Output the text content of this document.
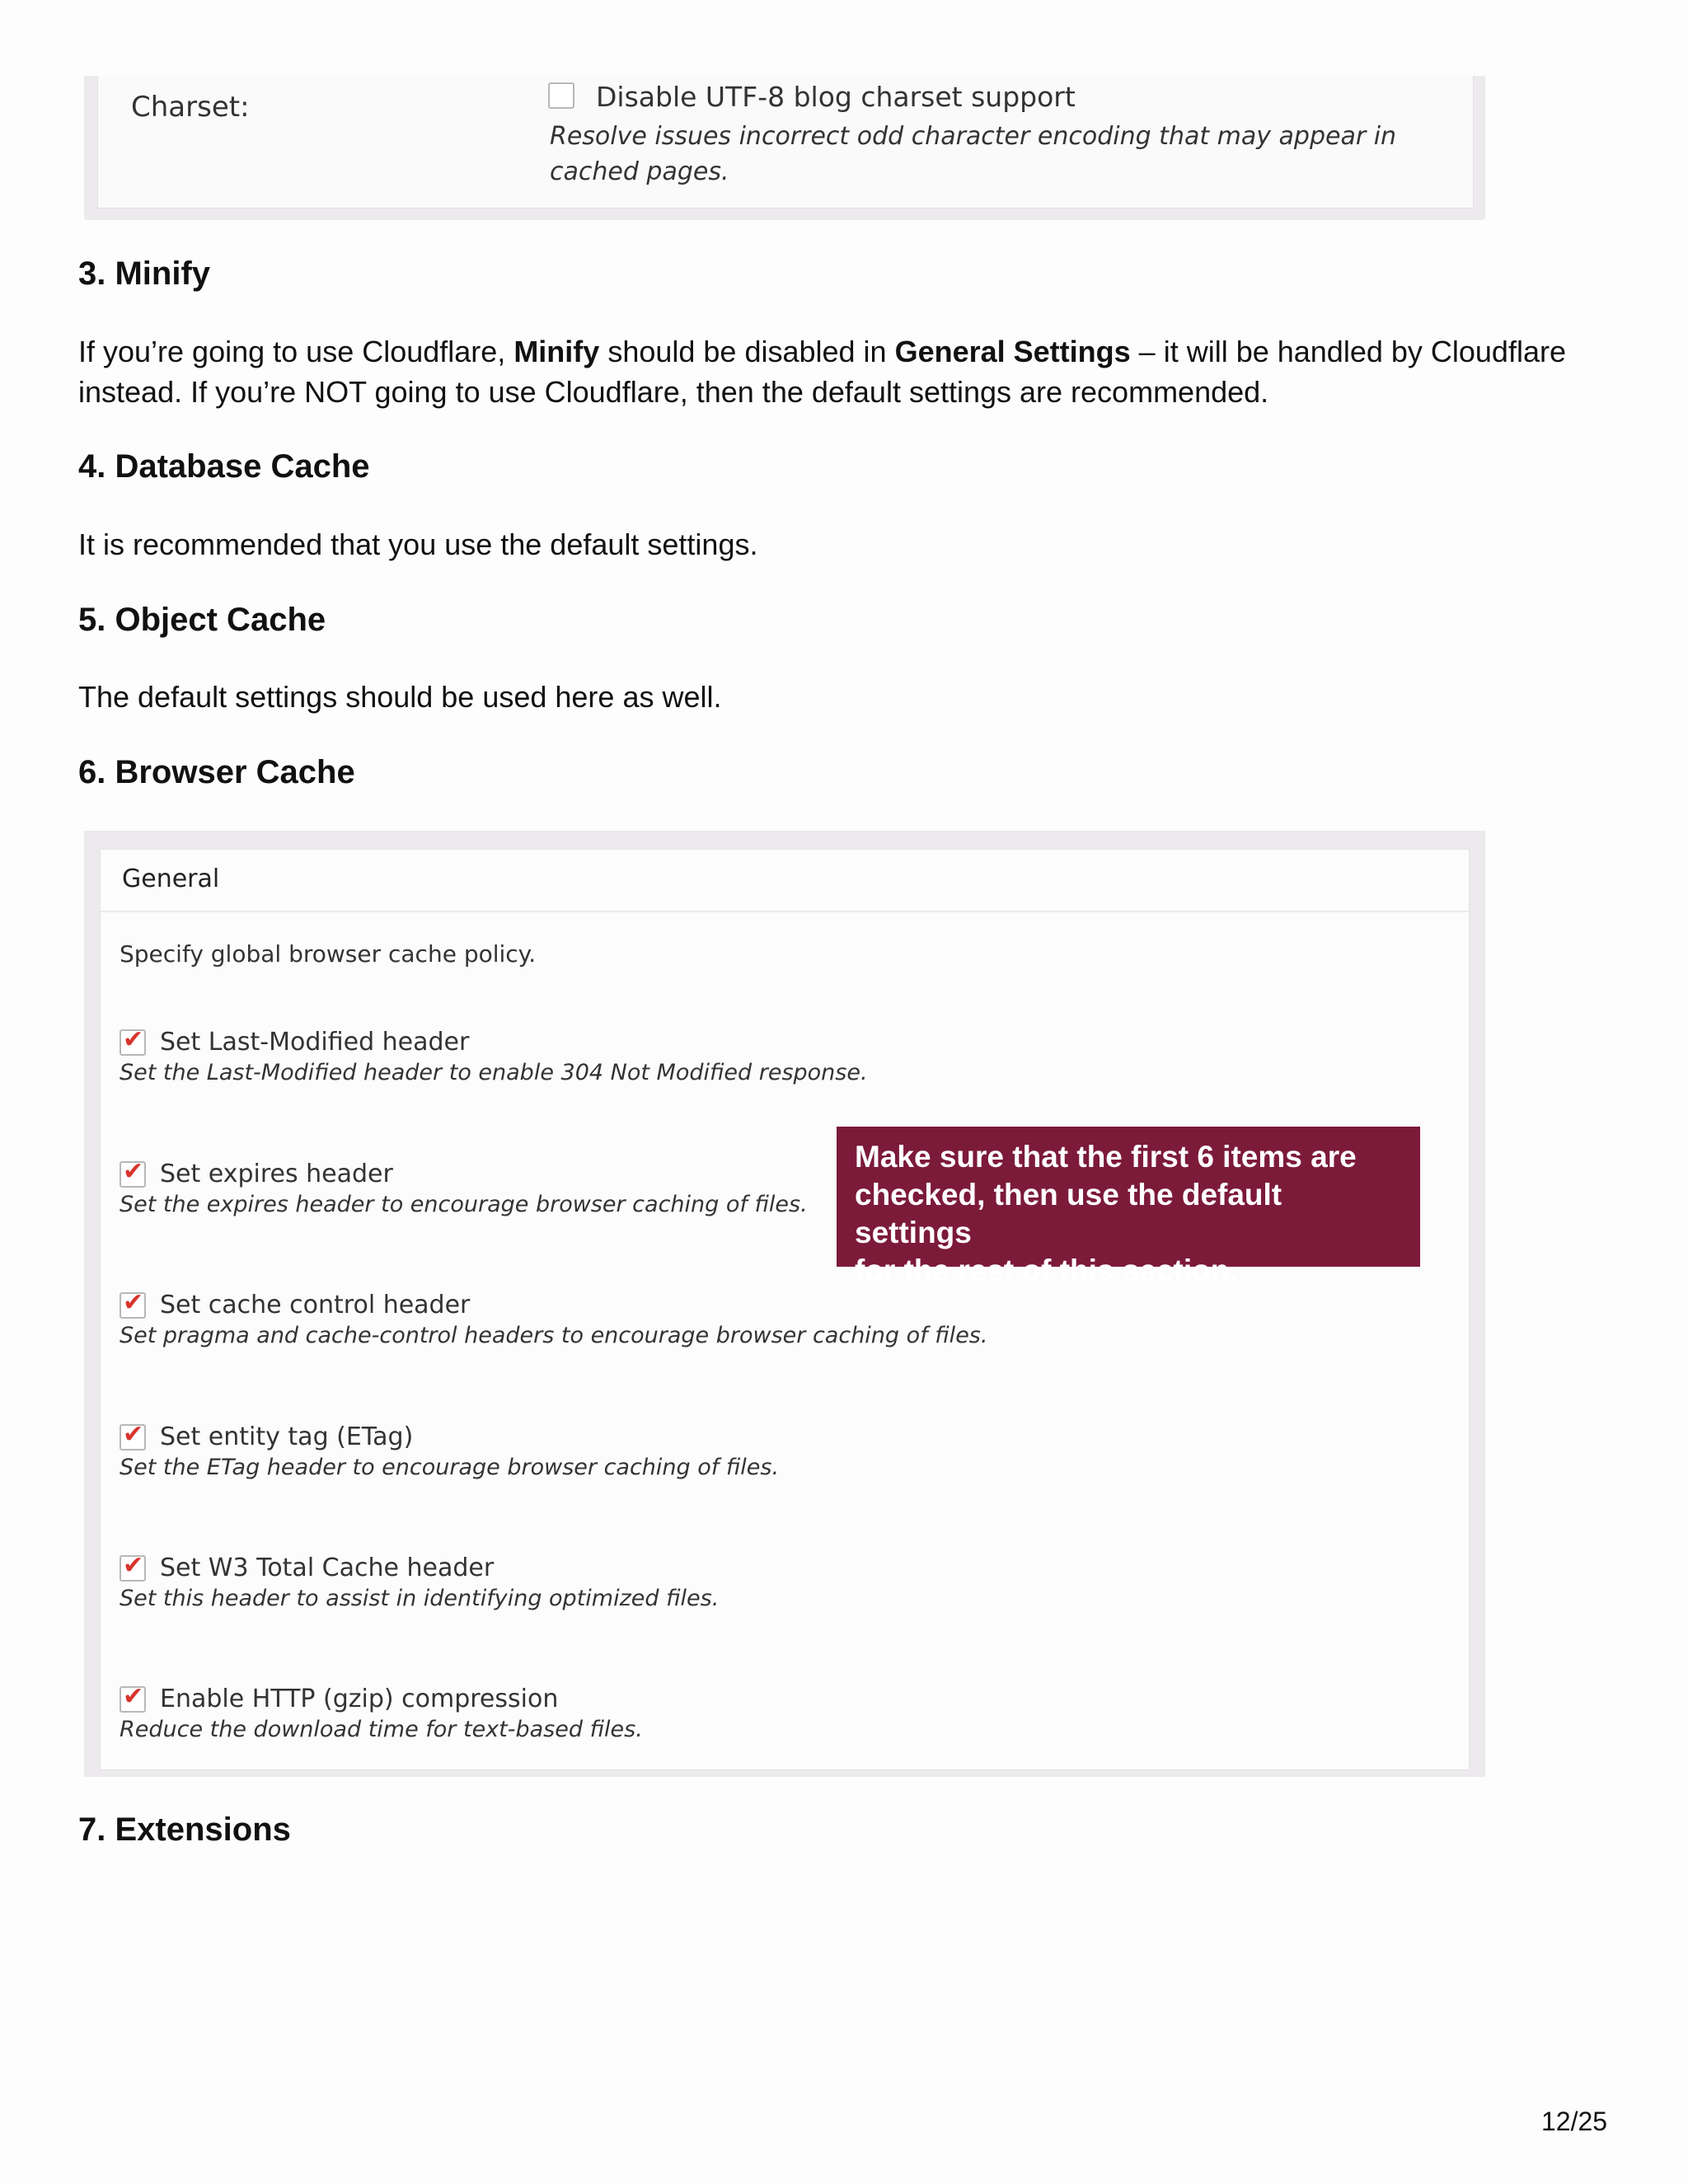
Charset:	Disable UTF-8 blog charset support
Resolve issues incorrect odd character encoding that may appear in
cached pages.
3. Minify

If you’re going to use Cloudflare, Minify should be disabled in General Settings – it will be handled by Cloudflare

instead. If you’re NOT going to use Cloudflare, then the default settings are recommended.

4. Database Cache

It is recommended that you use the default settings.

5. Object Cache

The default settings should be used here as well.

6. Browser Cache
General
Specify global browser cache policy.
✔ Set Last-Modified header
Set the Last-Modified header to enable 304 Not Modified response.
✔ Set expires header
Set the expires header to encourage browser caching of files.
✔ Set cache control header
Set pragma and cache-control headers to encourage browser caching of files.
✔ Set entity tag (ETag)
Set the ETag header to encourage browser caching of files.
✔ Set W3 Total Cache header
Set this header to assist in identifying optimized files.
✔ Enable HTTP (gzip) compression
Reduce the download time for text-based files.
Make sure that the first 6 items are
checked, then use the default settings
for the rest of this section.
7. Extensions
12/25
